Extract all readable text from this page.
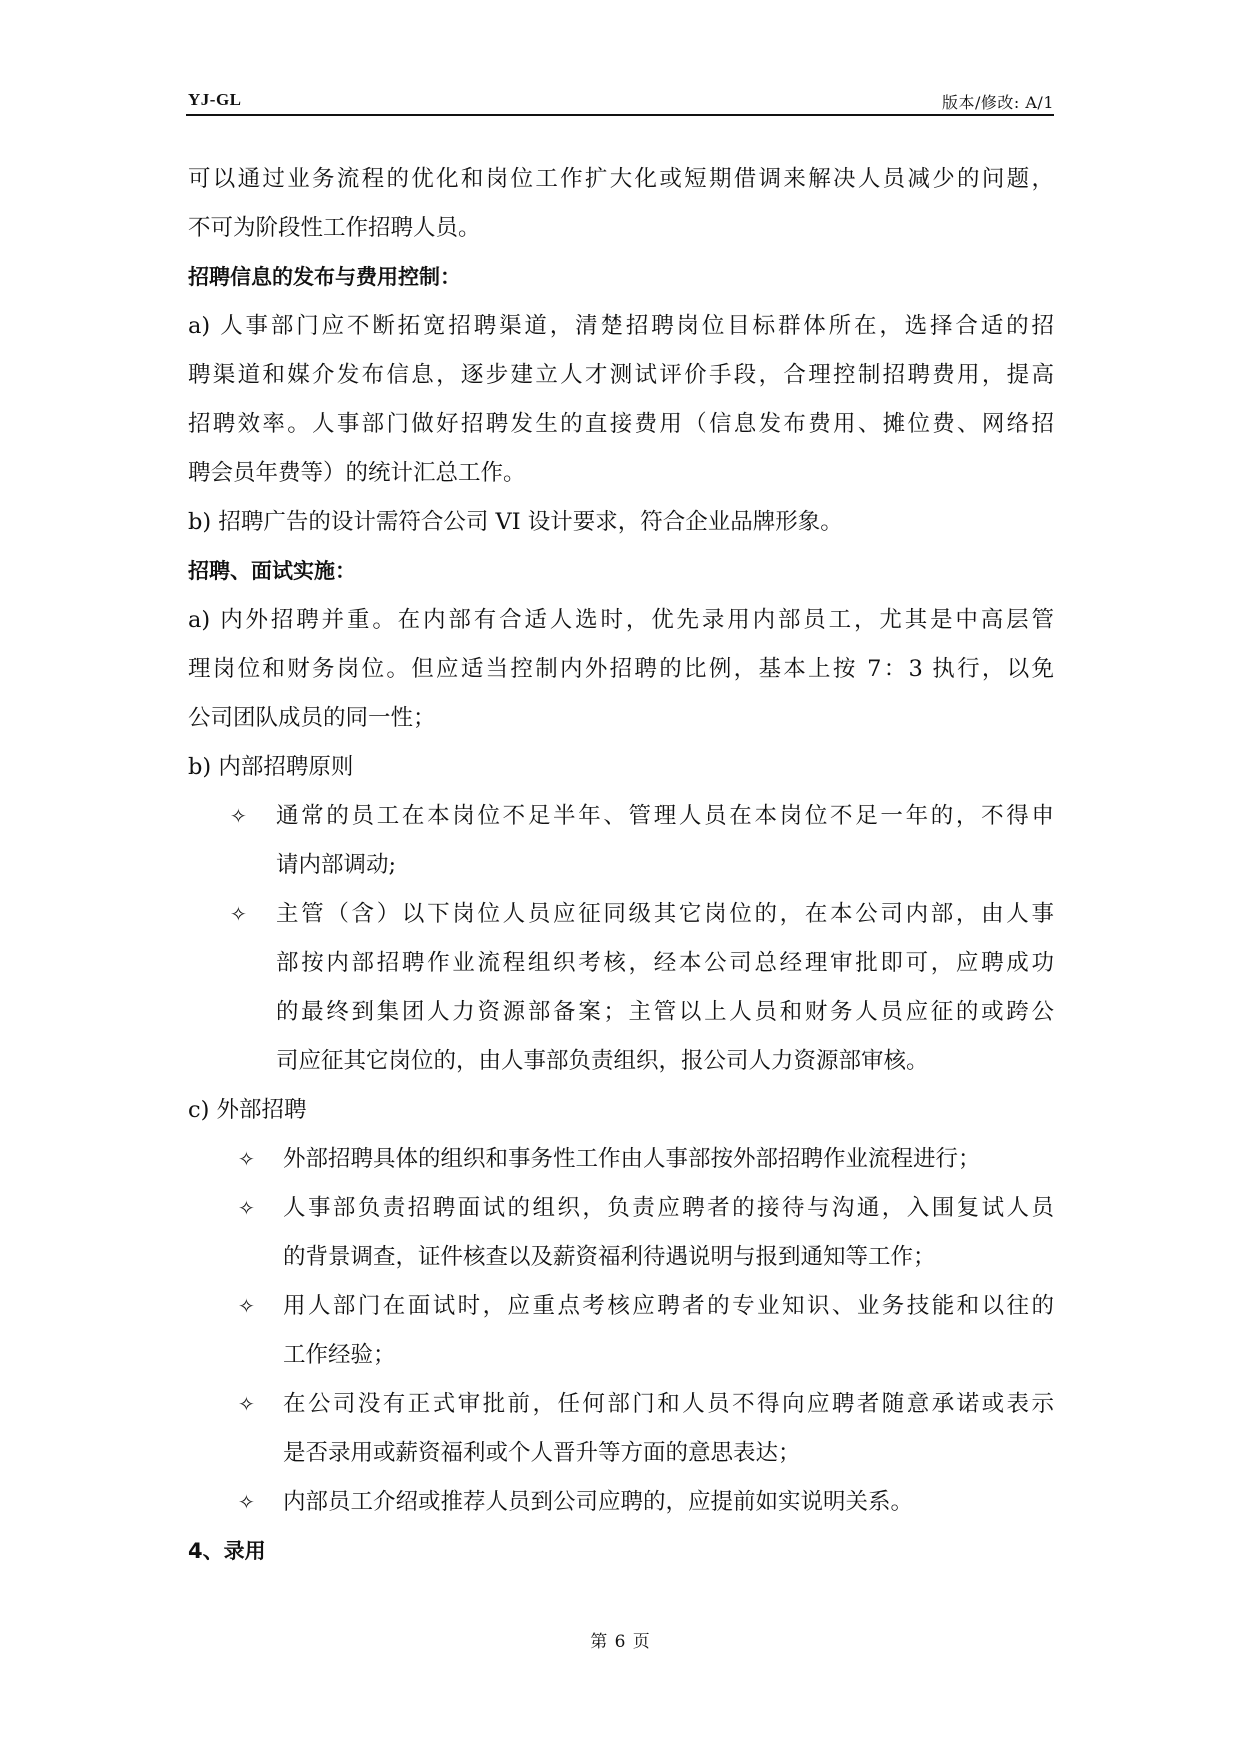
YJ-GL	版本/修改: A/1
可以通过业务流程的优化和岗位工作扩大化或短期借调来解决人员减少的问题，
不可为阶段性工作招聘人员。
招聘信息的发布与费用控制：
a) 人事部门应不断拓宽招聘渠道，清楚招聘岗位目标群体所在，选择合适的招
聘渠道和媒介发布信息，逐步建立人才测试评价手段，合理控制招聘费用，提高
招聘效率。人事部门做好招聘发生的直接费用（信息发布费用、摊位费、网络招
聘会员年费等）的统计汇总工作。
b) 招聘广告的设计需符合公司 VI 设计要求，符合企业品牌形象。
招聘、面试实施：
a) 内外招聘并重。在内部有合适人选时，优先录用内部员工，尤其是中高层管
理岗位和财务岗位。但应适当控制内外招聘的比例，基本上按 7：3 执行，以免
公司团队成员的同一性；
b) 内部招聘原则
✧ 通常的员工在本岗位不足半年、管理人员在本岗位不足一年的，不得申
请内部调动;
✧ 主管（含）以下岗位人员应征同级其它岗位的，在本公司内部，由人事
部按内部招聘作业流程组织考核，经本公司总经理审批即可，应聘成功
的最终到集团人力资源部备案；主管以上人员和财务人员应征的或跨公
司应征其它岗位的，由人事部负责组织，报公司人力资源部审核。
c) 外部招聘
✧ 外部招聘具体的组织和事务性工作由人事部按外部招聘作业流程进行；
✧ 人事部负责招聘面试的组织，负责应聘者的接待与沟通，入围复试人员
的背景调查，证件核查以及薪资福利待遇说明与报到通知等工作；
✧ 用人部门在面试时，应重点考核应聘者的专业知识、业务技能和以往的
工作经验；
✧ 在公司没有正式审批前，任何部门和人员不得向应聘者随意承诺或表示
是否录用或薪资福利或个人晋升等方面的意思表达；
✧ 内部员工介绍或推荐人员到公司应聘的，应提前如实说明关系。
4、录用
第 6 页
